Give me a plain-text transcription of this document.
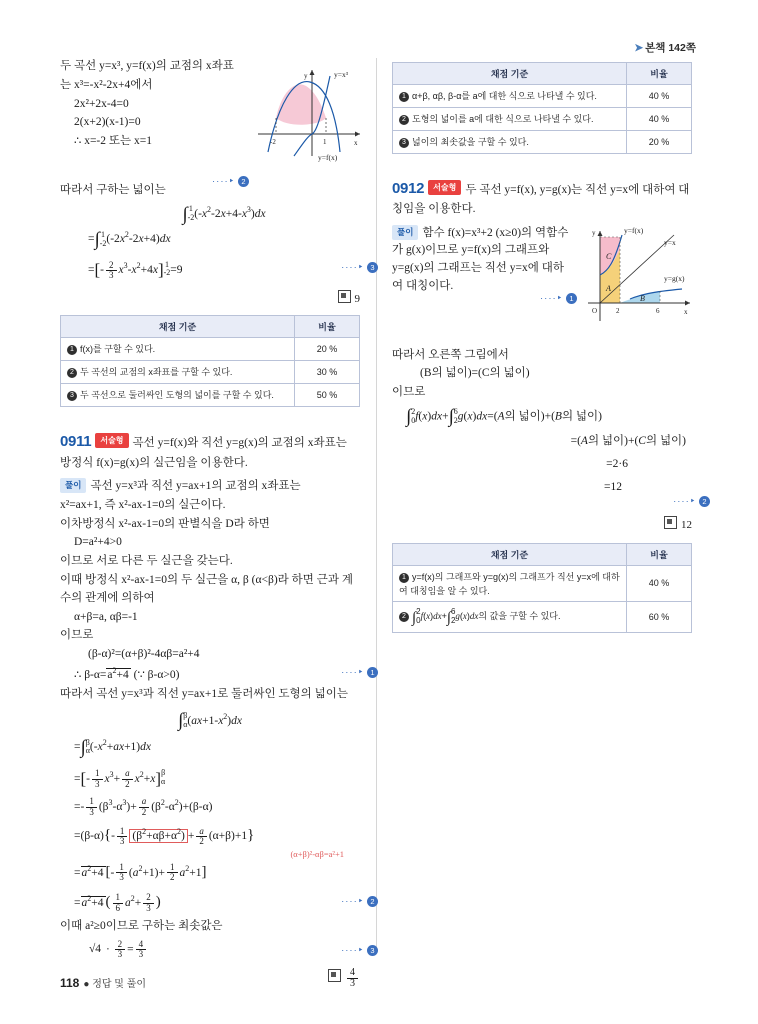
➤ 본책 142쪽
두 곡선 y=x³, y=f(x)의 교점의 x좌표
는 x³=-x²-2x+4에서
2x²+2x-4=0
2(x+2)(x-1)=0
∴ x=-2 또는 x=1
y
x
-2	1
y=x³
y=f(x)
····‣ 2
따라서 구하는 넓이는
∫ 1
-2 $(-x^2-2x+4-x^3)dx$
=∫ 1
-2 $(-2x^2-2x+4)dx$
=[- $\frac{2}{3} x^3-x^2+4x$] 1
-2 =9	····‣ 3
9
채점 기준	비율
1 f(x)를 구할 수 있다.	20 %
2 두 곡선의 교점의 x좌표를 구할 수 있다.	30 %
3 두 곡선으로 둘러싸인 도형의 넓이를 구할 수 있다.	50 %
0911 서술형 곡선 y=f(x)와 직선 y=g(x)의 교점의 x좌표는 방정식 f(x)=g(x)의 실근임을 이용한다.
풀이 곡선 y=x³과 직선 y=ax+1의 교점의 x좌표는
x²=ax+1, 즉 x²-ax-1=0의 실근이다.
이차방정식 x²-ax-1=0의 판별식을 D라 하면
D=a²+4>0
이므로 서로 다른 두 실근을 갖는다.
이때 방정식 x²-ax-1=0의 두 실근을 α, β (α<β)라 하면 근과 계수의 관계에 의하여
α+β=a, αβ=-1
이므로
(β-α)²=(α+β)²-4αβ=a²+4
∴ $\beta-\alpha=a^2+4$ (∵ β-α>0)	····‣ 1
따라서 곡선 y=x³과 직선 y=ax+1로 둘러싸인 도형의 넓이는
∫ β
α $(ax+1-x^2)dx$
=∫ β
α $(-x^2+ax+1)dx$
=[- $\frac{1}{3} x^3+ \frac{a}{2} x^2+x$] β
α
=- $\frac{1}{3} (\beta^3-\alpha^3)+ \frac{a}{2} (\beta^2-\alpha^2)+(\beta-\alpha)$
$=(\beta-\alpha)\{- \frac{1}{3} (\beta^2+\alpha\beta+\alpha^2) + \frac{a}{2} (\alpha+\beta)+1\}$
(α+β)²-αβ=a²+1
$=a^2+4$ [- $\frac{1}{3} (a^2+1)+ \frac{1}{2} a^2+1$]
$=a^2+4$ ( $\frac{1}{6} a^2+ \frac{2}{3}$ )	····‣ 2
이때 a²≥0이므로 구하는 최솟값은
$√4 \cdot \frac{2}{3} = \frac{4}{3}$	····‣ 3
$\frac{4}{3}$
채점 기준	비율
1 α+β, αβ, β-α를 a에 대한 식으로 나타낼 수 있다.	40 %
2 도형의 넓이를 a에 대한 식으로 나타낼 수 있다.	40 %
3 넓이의 최솟값을 구할 수 있다.	20 %
0912 서술형 두 곡선 y=f(x), y=g(x)는 직선 y=x에 대하여 대칭임을 이용한다.
풀이 함수 f(x)=x³+2 (x≥0)의 역함수가 g(x)이므로 y=f(x)의 그래프와 y=g(x)의 그래프는 직선 y=x에 대하여 대칭이다.
y
x
O	2	6
y=f(x)
y=x
y=g(x)
A
B
C
····‣ 1
따라서 오른쪽 그림에서
(B의 넓이)=(C의 넓이)
이므로
∫ 2
0 f(x)dx+∫ 6
2 g(x)dx=(A의 넓이)+(B의 넓이)
=(A의 넓이)+(C의 넓이)
=2·6
=12
····‣ 2
12
채점 기준	비율
1 y=f(x)의 그래프와 y=g(x)의 그래프가 직선 y=x에 대하여 대칭임을 알 수 있다.	40 %
2 ∫ 2
0 f(x)dx+∫ 6
2 g(x)dx의 값을 구할 수 있다.	60 %
118 ● 정답 및 풀이
